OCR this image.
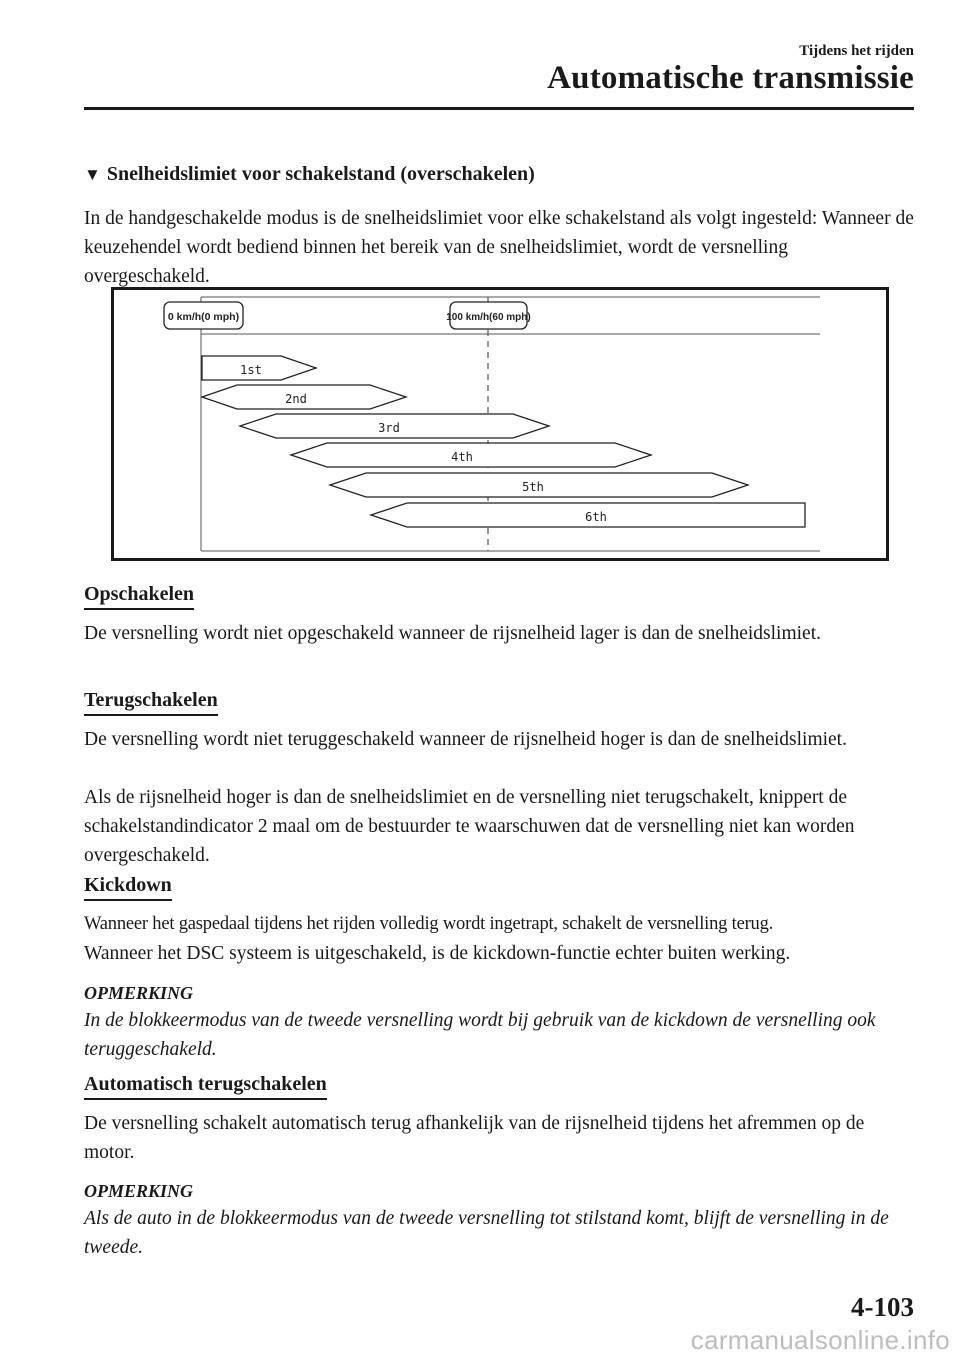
Tijdens het rijden
Automatische transmissie
▼ Snelheidslimiet voor schakelstand (overschakelen)

In de handgeschakelde modus is de snelheidslimiet voor elke schakelstand als volgt ingesteld: Wanneer de keuzehendel wordt bediend binnen het bereik van de snelheidslimiet, wordt de versnelling overgeschakeld.

0 km/h(0 mph)	100 km/h(60 mph)
1st
2nd
3rd
4th
5th
6th
Opschakelen

De versnelling wordt niet opgeschakeld wanneer de rijsnelheid lager is dan de snelheidslimiet.

Terugschakelen

De versnelling wordt niet teruggeschakeld wanneer de rijsnelheid hoger is dan de snelheidslimiet.

Als de rijsnelheid hoger is dan de snelheidslimiet en de versnelling niet terugschakelt, knippert de schakelstandindicator 2 maal om de bestuurder te waarschuwen dat de versnelling niet kan worden overgeschakeld.

Kickdown

Wanneer het gaspedaal tijdens het rijden volledig wordt ingetrapt, schakelt de versnelling terug.

Wanneer het DSC systeem is uitgeschakeld, is de kickdown-functie echter buiten werking.

OPMERKING

In de blokkeermodus van de tweede versnelling wordt bij gebruik van de kickdown de versnelling ook teruggeschakeld.

Automatisch terugschakelen

De versnelling schakelt automatisch terug afhankelijk van de rijsnelheid tijdens het afremmen op de motor.

OPMERKING

Als de auto in de blokkeermodus van de tweede versnelling tot stilstand komt, blijft de versnelling in de tweede.

4-103
carmanualsonline.info
